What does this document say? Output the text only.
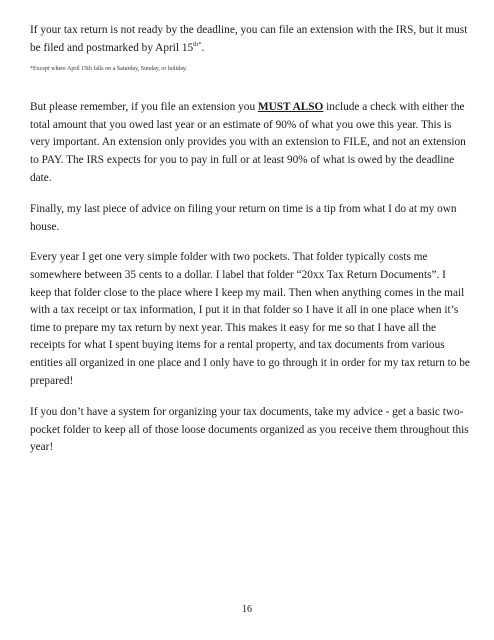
If your tax return is not ready by the deadline, you can file an extension with the IRS, but it must be filed and postmarked by April $15^{th*}$.

*Except where April 15th falls on a Saturday, Sunday, or holiday.

But please remember, if you file an extension you MUST ALSO include a check with either the total amount that you owed last year or an estimate of 90% of what you owe this year. This is very important. An extension only provides you with an extension to FILE, and not an extension to PAY. The IRS expects for you to pay in full or at least 90% of what is owed by the deadline date.

Finally, my last piece of advice on filing your return on time is a tip from what I do at my own house.

Every year I get one very simple folder with two pockets. That folder typically costs me somewhere between 35 cents to a dollar. I label that folder “20xx Tax Return Documents”. I keep that folder close to the place where I keep my mail. Then when anything comes in the mail with a tax receipt or tax information, I put it in that folder so I have it all in one place when it’s time to prepare my tax return by next year. This makes it easy for me so that I have all the receipts for what I spent buying items for a rental property, and tax documents from various entities all organized in one place and I only have to go through it in order for my tax return to be prepared!

If you don’t have a system for organizing your tax documents, take my advice - get a basic two-pocket folder to keep all of those loose documents organized as you receive them throughout this year!

16
